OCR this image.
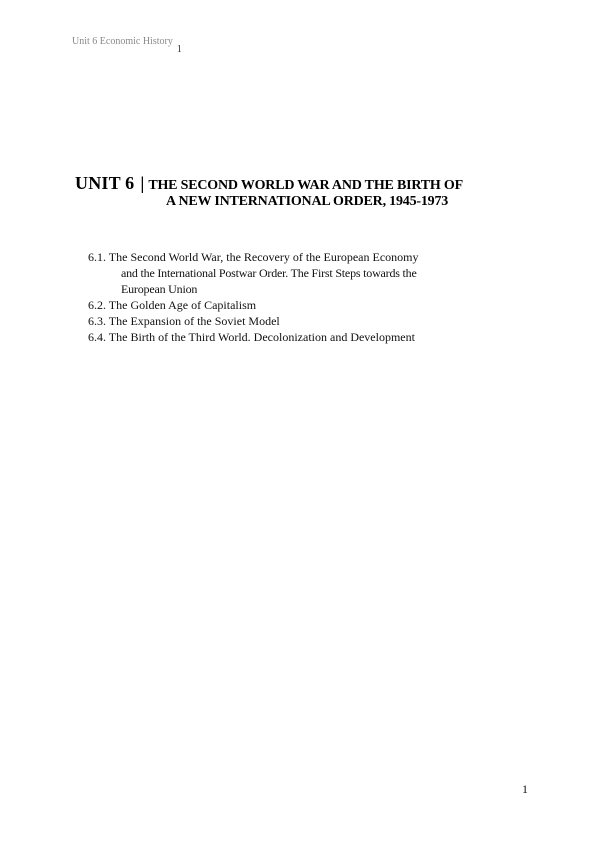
Unit 6 Economic History1
UNIT 6 | THE SECOND WORLD WAR AND THE BIRTH OF
A NEW INTERNATIONAL ORDER, 1945-1973
6.1. The Second World War, the Recovery of the European Economy
and the International Postwar Order. The First Steps towards the
European Union
6.2. The Golden Age of Capitalism
6.3. The Expansion of the Soviet Model
6.4. The Birth of the Third World. Decolonization and Development
1
